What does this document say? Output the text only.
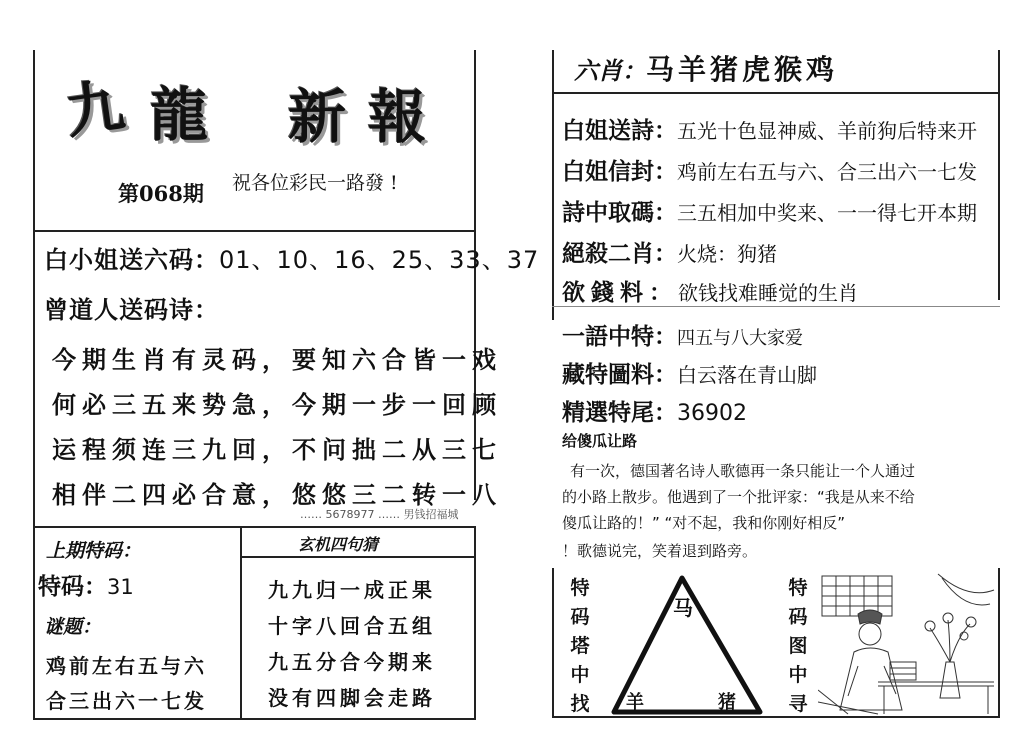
九 龍 新 報
第068期 祝各位彩民一路發 !
白小姐送六码：01、10、16、25、33、37
曾道人送码诗：
今期生肖有灵码，要知六合皆一戏
何必三五来势急，今期一步一回顾
运程须连三九回，不问拙二从三七
相伴二四必合意，悠悠三二转一八
…… 5678977 …… 男钱招福城
上期特码：
特码：31
谜题：
鸡前左右五与六
合三出六一七发
玄机四句猜
九九归一成正果
十字八回合五组
九五分合今期来
没有四脚会走路
六肖：马羊猪虎猴鸡
白姐送詩：五光十色显神威、羊前狗后特来开
白姐信封：鸡前左右五与六、合三出六一七发
詩中取碼：三五相加中奖来、一一得七开本期
絕殺二肖：火烧：狗猪
欲錢料：欲钱找难睡觉的生肖
一語中特：四五与八大家爱
藏特圖料：白云落在青山脚
精選特尾：36902
给傻瓜让路
有一次，德国著名诗人歌德再一条只能让一个人通过
的小路上散步。他遇到了一个批评家：“我是从来不给
傻瓜让路的！” “对不起，我和你刚好相反”
！歌德说完，笑着退到路旁。
特
码
塔
中
找
马
羊	猪
特
码
图
中
寻
